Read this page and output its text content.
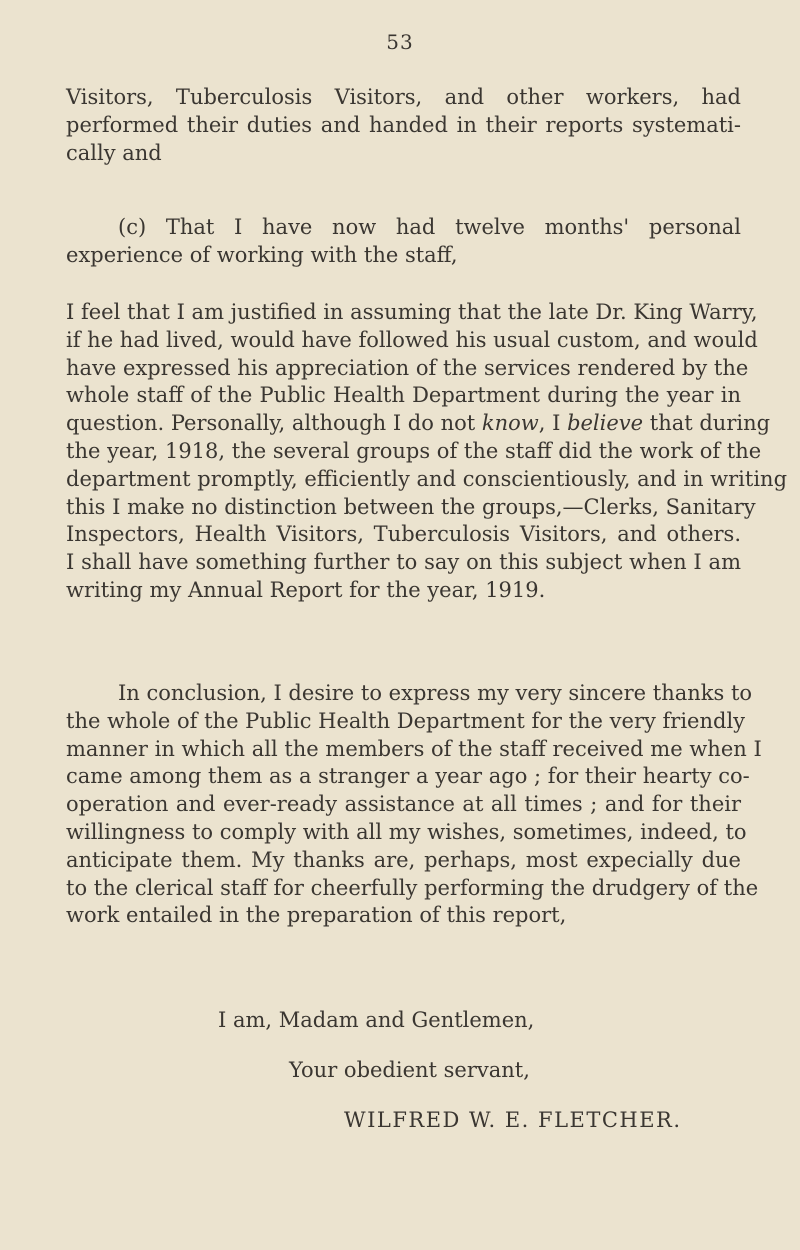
53
Visitors, Tuberculosis Visitors, and other workers, had
performed their duties and handed in their reports systemati-
cally and
(c) That I have now had twelve months' personal
experience of working with the staff,
I feel that I am justified in assuming that the late Dr. King Warry,
if he had lived, would have followed his usual custom, and would
have expressed his appreciation of the services rendered by the
whole staff of the Public Health Department during the year in
question. Personally, although I do not know, I believe that during
the year, 1918, the several groups of the staff did the work of the
department promptly, efficiently and conscientiously, and in writing
this I make no distinction between the groups,—Clerks, Sanitary
Inspectors, Health Visitors, Tuberculosis Visitors, and others.
I shall have something further to say on this subject when I am
writing my Annual Report for the year, 1919.
In conclusion, I desire to express my very sincere thanks to
the whole of the Public Health Department for the very friendly
manner in which all the members of the staff received me when I
came among them as a stranger a year ago ; for their hearty co-
operation and ever-ready assistance at all times ; and for their
willingness to comply with all my wishes, sometimes, indeed, to
anticipate them. My thanks are, perhaps, most expecially due
to the clerical staff for cheerfully performing the drudgery of the
work entailed in the preparation of this report,
I am, Madam and Gentlemen,
Your obedient servant,
WILFRED W. E. FLETCHER.
